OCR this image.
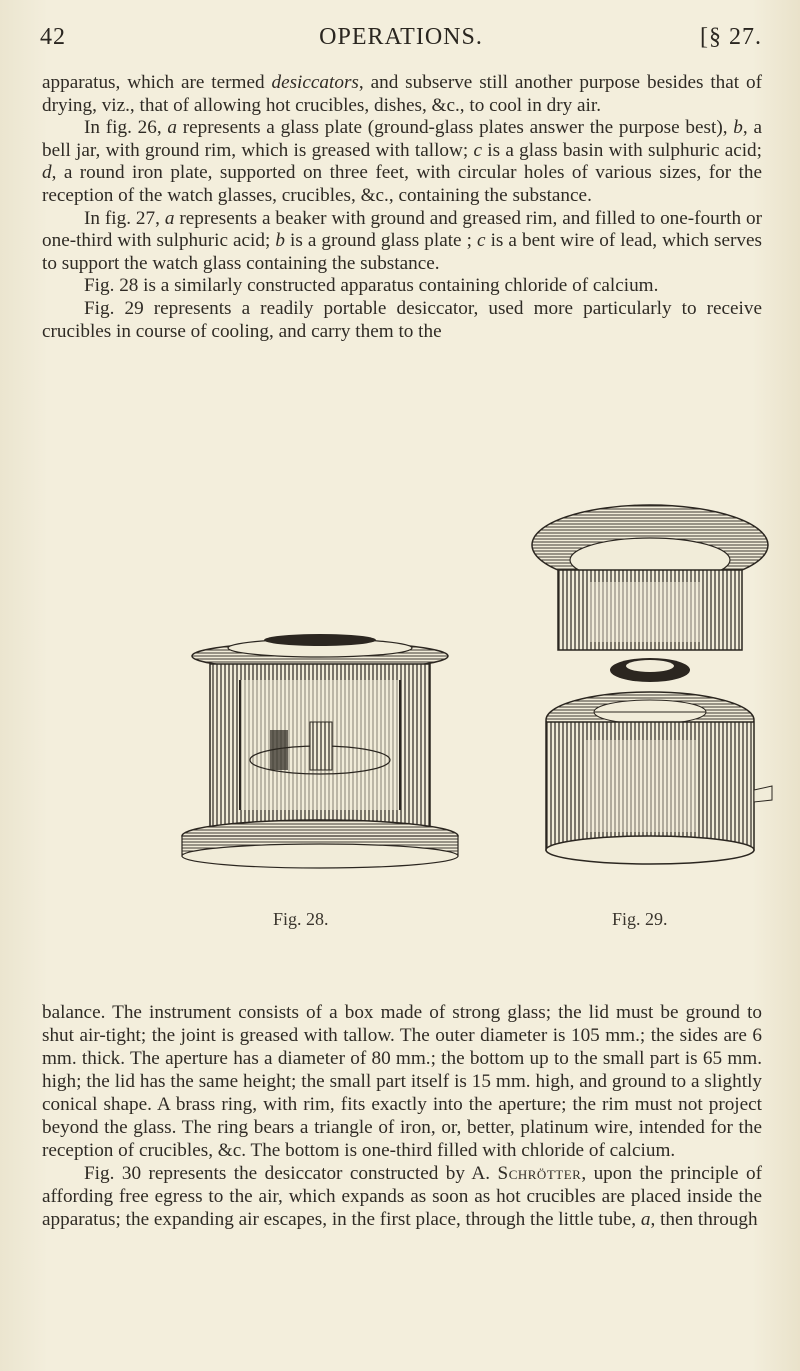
42	OPERATIONS.	[§ 27.

apparatus, which are termed desiccators, and subserve still another purpose besides that of drying, viz., that of allowing hot crucibles, dishes, &c., to cool in dry air.

In fig. 26, a represents a glass plate (ground-glass plates answer the purpose best), b, a bell jar, with ground rim, which is greased with tallow; c is a glass basin with sulphuric acid; d, a round iron plate, supported on three feet, with circular holes of various sizes, for the reception of the watch glasses, crucibles, &c., containing the substance.

In fig. 27, a represents a beaker with ground and greased rim, and filled to one-fourth or one-third with sulphuric acid; b is a ground glass plate ; c is a bent wire of lead, which serves to support the watch glass containing the substance.

Fig. 28 is a similarly constructed apparatus containing chloride of calcium.

Fig. 29 represents a readily portable desiccator, used more particularly to receive crucibles in course of cooling, and carry them to the

Fig. 28.	Fig. 29.

balance. The instrument consists of a box made of strong glass; the lid must be ground to shut air-tight; the joint is greased with tallow. The outer diameter is 105 mm.; the sides are 6 mm. thick. The aperture has a diameter of 80 mm.; the bottom up to the small part is 65 mm. high; the lid has the same height; the small part itself is 15 mm. high, and ground to a slightly conical shape. A brass ring, with rim, fits exactly into the aperture; the rim must not project beyond the glass. The ring bears a triangle of iron, or, better, platinum wire, intended for the reception of crucibles, &c. The bottom is one-third filled with chloride of calcium.

Fig. 30 represents the desiccator constructed by A. Schrötter, upon the principle of affording free egress to the air, which expands as soon as hot crucibles are placed inside the apparatus; the expanding air escapes, in the first place, through the little tube, a, then through
